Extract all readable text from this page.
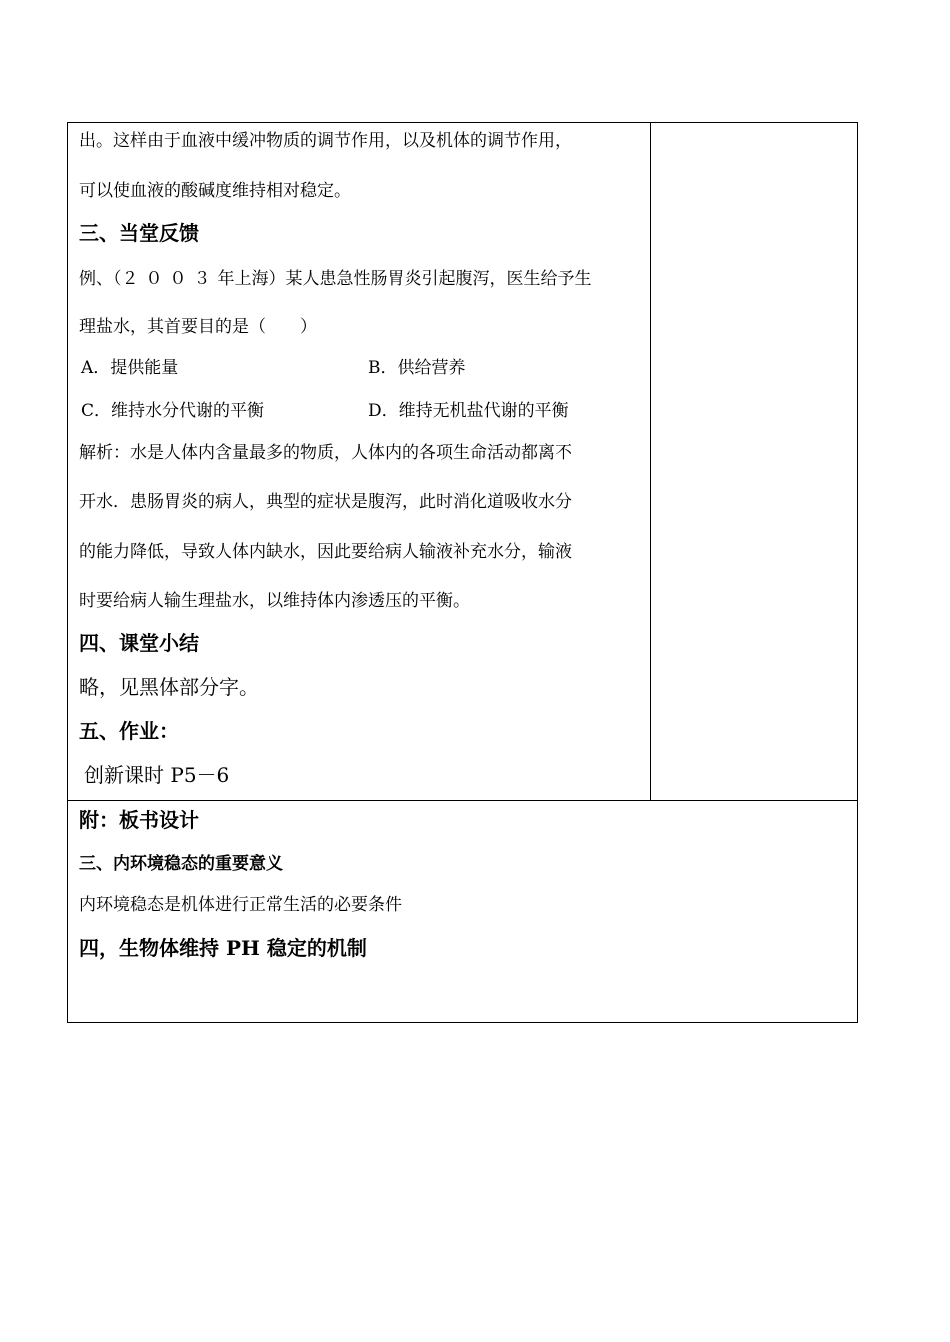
出。这样由于血液中缓冲物质的调节作用，以及机体的调节作用，
可以使血液的酸碱度维持相对稳定。
三、当堂反馈
例、（２００３年上海）某人患急性肠胃炎引起腹泻，医生给予生
理盐水，其首要目的是（　　）
A．提供能量	B．供给营养
C．维持水分代谢的平衡	D．维持无机盐代谢的平衡
解析：水是人体内含量最多的物质，人体内的各项生命活动都离不
开水．患肠胃炎的病人，典型的症状是腹泻，此时消化道吸收水分
的能力降低，导致人体内缺水，因此要给病人输液补充水分，输液
时要给病人输生理盐水，以维持体内渗透压的平衡。
四、课堂小结
略，见黑体部分字。
五、作业：
创新课时 P5－6
附：板书设计
三、内环境稳态的重要意义
内环境稳态是机体进行正常生活的必要条件
四，生物体维持 PH 稳定的机制
